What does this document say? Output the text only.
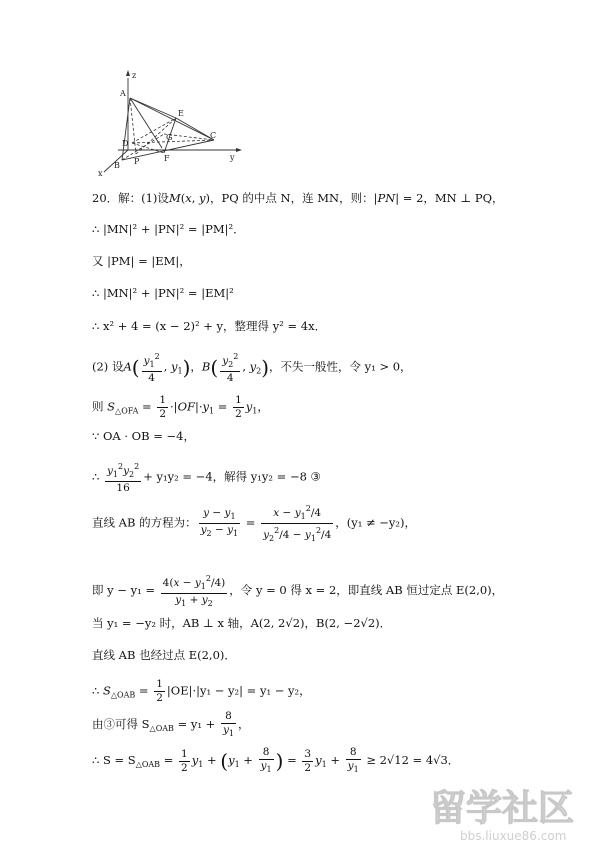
z
y
x
A
B
C
D
E
F
G
P
20．解：(1)设M(x, y)，PQ 的中点 N，连 MN，则：|PN| = 2，MN ⊥ PQ，
∴ |MN|² + |PN|² = |PM|²．
又 |PM| = |EM|，
∴ |MN|² + |PN|² = |EM|²
∴ x² + 4 = (x − 2)² + y，整理得 y² = 4x．
(2) 设$A( \frac{y_1^2}{4}$ , $y_1$)，$B( \frac{y_2^2}{4}$ , $y_2$)，不失一般性，令 y₁ > 0，
则 $S_{\triangle OFA} = \frac{1}{2} \cdot|OF|\cdot y_1 = \frac{1}{2} y_1$，
∵ OA · OB = −4，
∴ $\frac{y_1^2y_2^2}{16} + y_1y_2 = -4$，解得 y₁y₂ = −8 ③
直线 AB 的方程为： $\frac{y - y_1}{y_2 - y_1} = \frac{x - y_1^2/4}{y_2^2/4 - y_1^2/4}$ ，(y₁ ≠ −y₂)，
即 $y - y_1 = \frac{4(x - y_1^2/4)}{y_1 + y_2}$ ，令 y = 0 得 x = 2，即直线 AB 恒过定点 E(2,0)，
当 y₁ = −y₂ 时，AB ⊥ x 轴，A(2, 2√2)，B(2, −2√2)．
直线 AB 也经过点 E(2,0)．
∴ $S_{\triangle OAB} = \frac{1}{2} |OE|\cdot|y_1 - y_2| = y_1 - y_2$，
由③可得 $S_{\triangle OAB} = y_1 + \frac{8}{y_1}$ ，
∴ $S = S_{\triangle OAB} = \frac{1}{2} y_1 + (y_1 + \frac{8}{y_1}$ ) = $\frac{3}{2} y_1 + \frac{8}{y_1} \ge 2√12 = 4√3$．
留学社区
bbs.liuxue86.com
